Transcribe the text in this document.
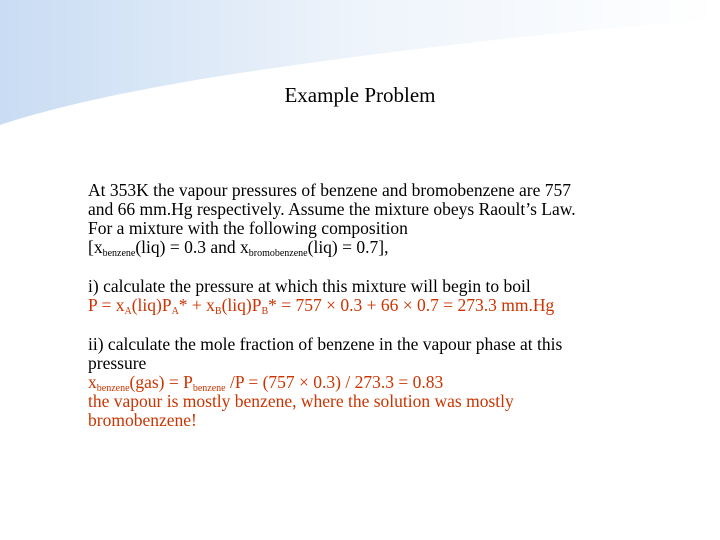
Example Problem
At 353K the vapour pressures of benzene and bromobenzene are 757
and 66 mm.Hg respectively. Assume the mixture obeys Raoult’s Law.
For a mixture with the following composition
[$x_{benzene}(liq) = 0.3$ and $x_{bromobenzene}(liq) = 0.7$],
i) calculate the pressure at which this mixture will begin to boil
$P = x_A(liq)P_A* + x_B(liq)P_B* = 757 \times 0.3 + 66 \times 0.7 = 273.3$ mm.Hg
ii) calculate the mole fraction of benzene in the vapour phase at this
pressure
$x_{benzene}(gas) = P_{benzene}$ /P = (757 × 0.3) / 273.3 = 0.83
the vapour is mostly benzene, where the solution was mostly
bromobenzene!
